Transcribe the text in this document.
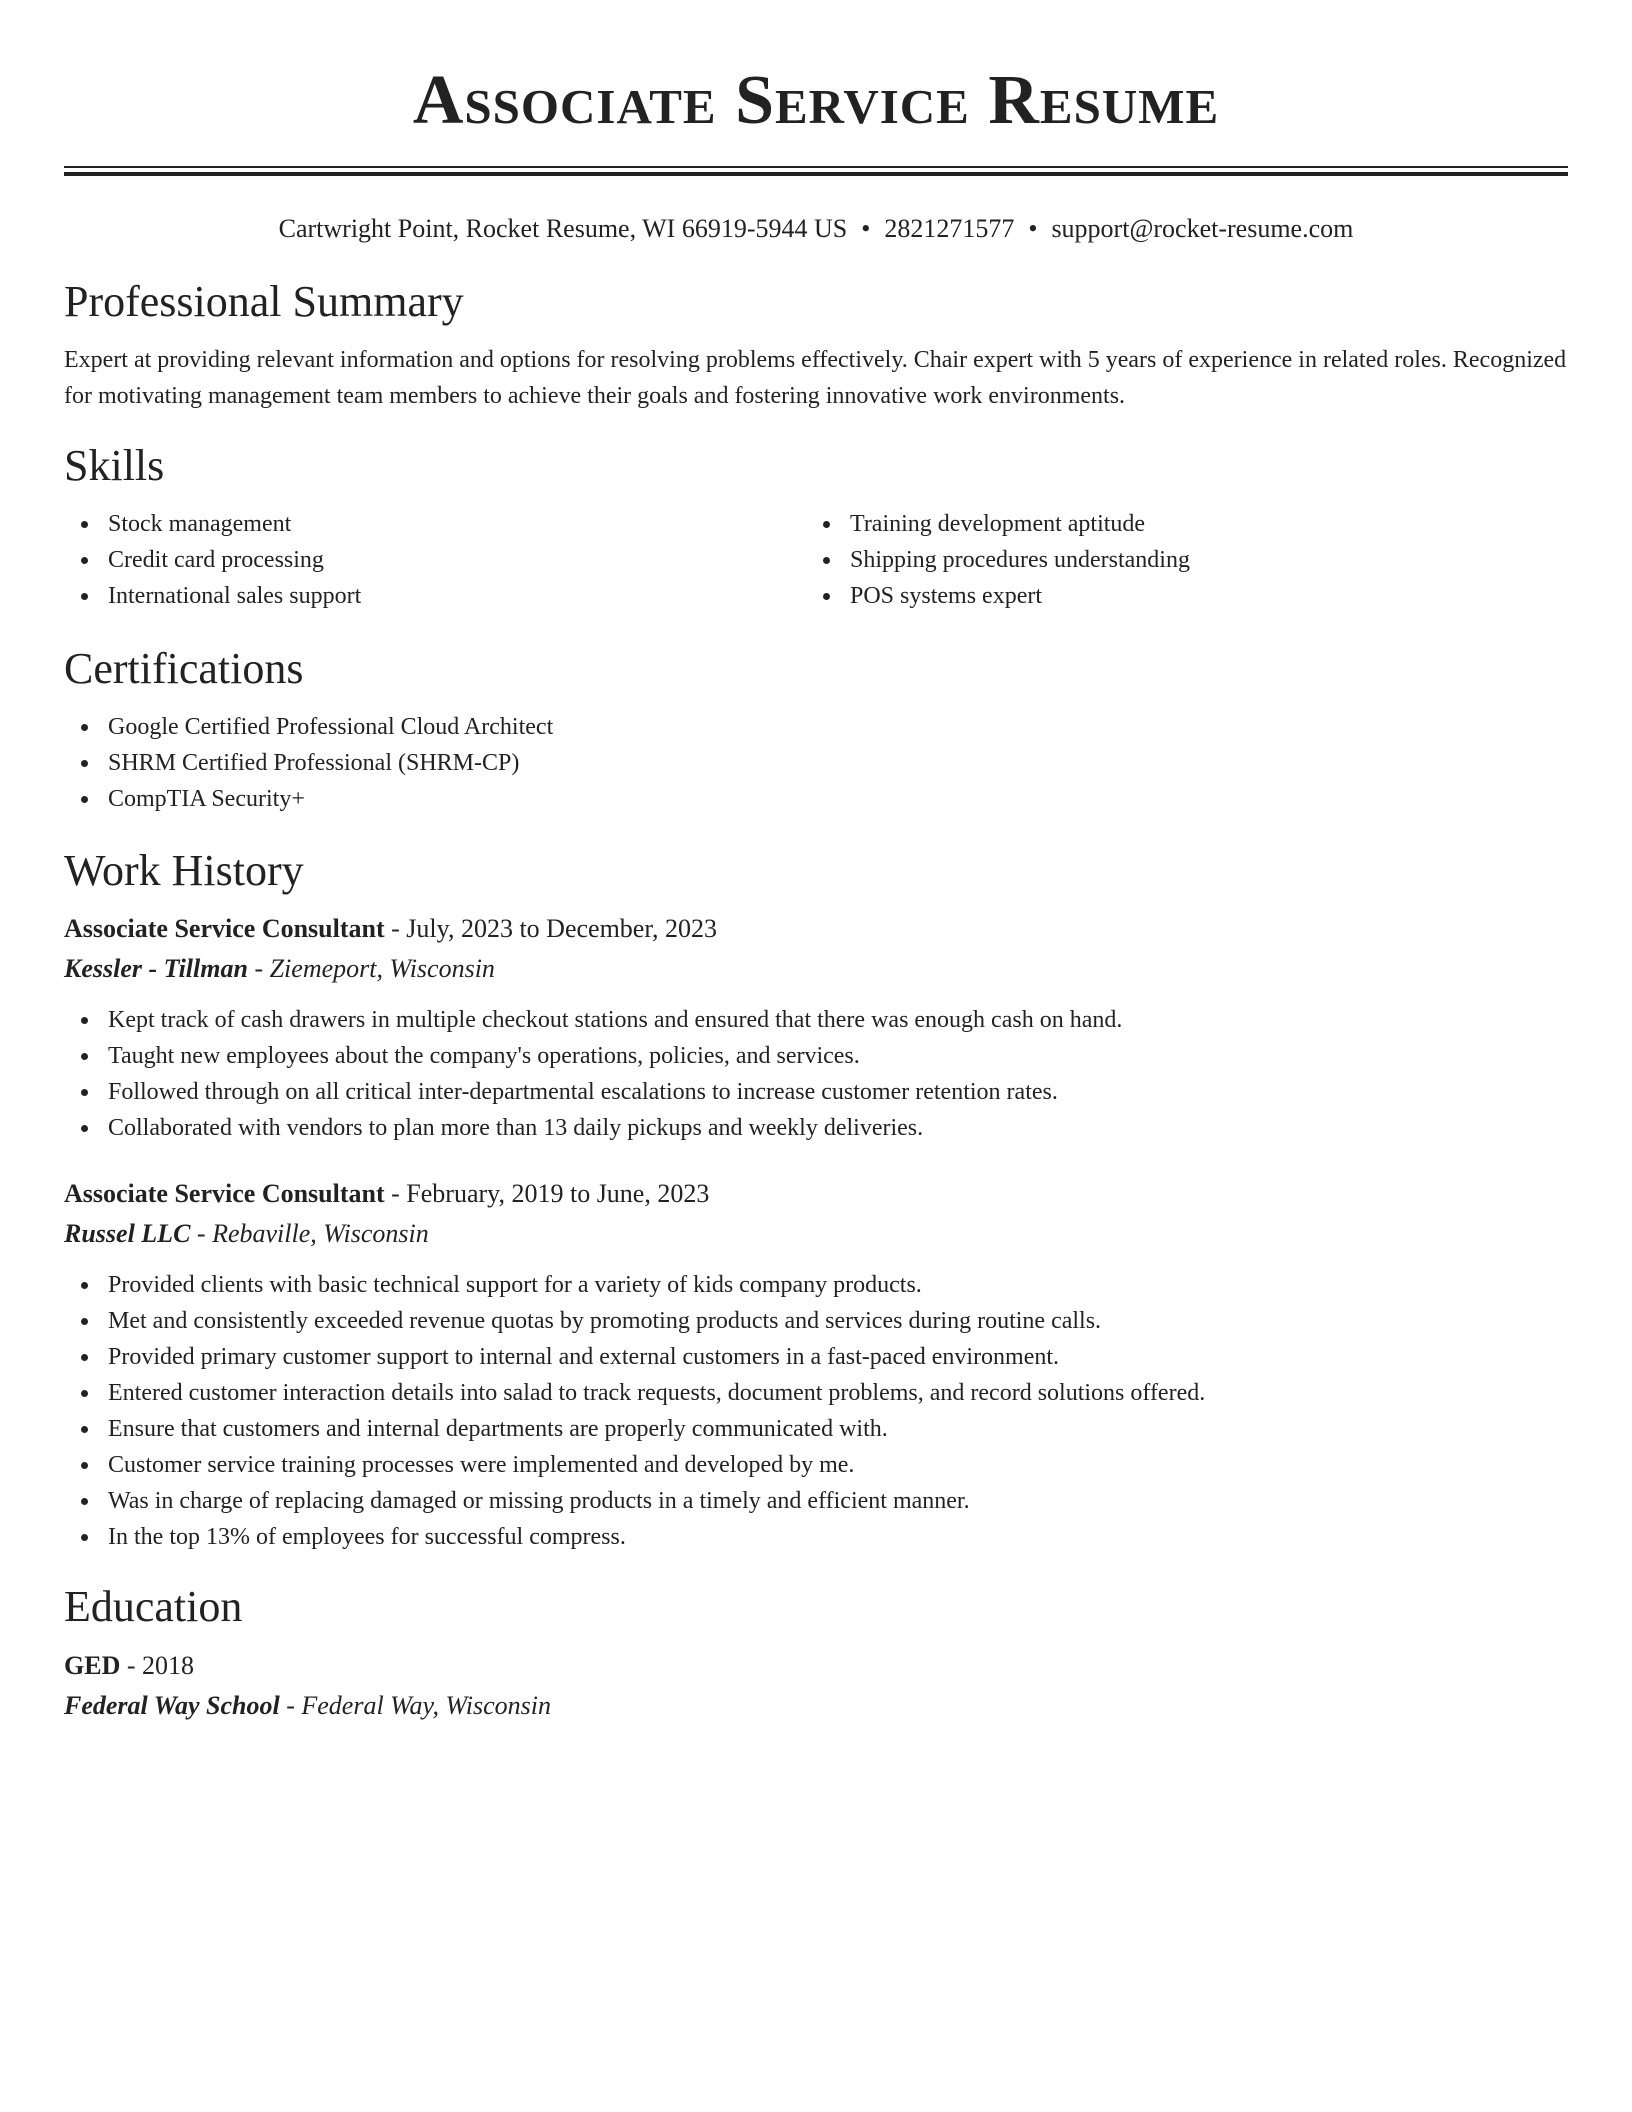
Associate Service Resume
Cartwright Point, Rocket Resume, WI 66919-5944 US • 2821271577 • support@rocket-resume.com
Professional Summary

Expert at providing relevant information and options for resolving problems effectively. Chair expert with 5 years of experience in related roles. Recognized for motivating management team members to achieve their goals and fostering innovative work environments.

Skills
Stock management
Credit card processing
International sales support
Training development aptitude
Shipping procedures understanding
POS systems expert
Certifications
Google Certified Professional Cloud Architect
SHRM Certified Professional (SHRM-CP)
CompTIA Security+
Work History
Associate Service Consultant - July, 2023 to December, 2023
Kessler - Tillman - Ziemeport, Wisconsin
Kept track of cash drawers in multiple checkout stations and ensured that there was enough cash on hand.
Taught new employees about the company's operations, policies, and services.
Followed through on all critical inter-departmental escalations to increase customer retention rates.
Collaborated with vendors to plan more than 13 daily pickups and weekly deliveries.
Associate Service Consultant - February, 2019 to June, 2023
Russel LLC - Rebaville, Wisconsin
Provided clients with basic technical support for a variety of kids company products.
Met and consistently exceeded revenue quotas by promoting products and services during routine calls.
Provided primary customer support to internal and external customers in a fast-paced environment.
Entered customer interaction details into salad to track requests, document problems, and record solutions offered.
Ensure that customers and internal departments are properly communicated with.
Customer service training processes were implemented and developed by me.
Was in charge of replacing damaged or missing products in a timely and efficient manner.
In the top 13% of employees for successful compress.
Education
GED - 2018
Federal Way School - Federal Way, Wisconsin
